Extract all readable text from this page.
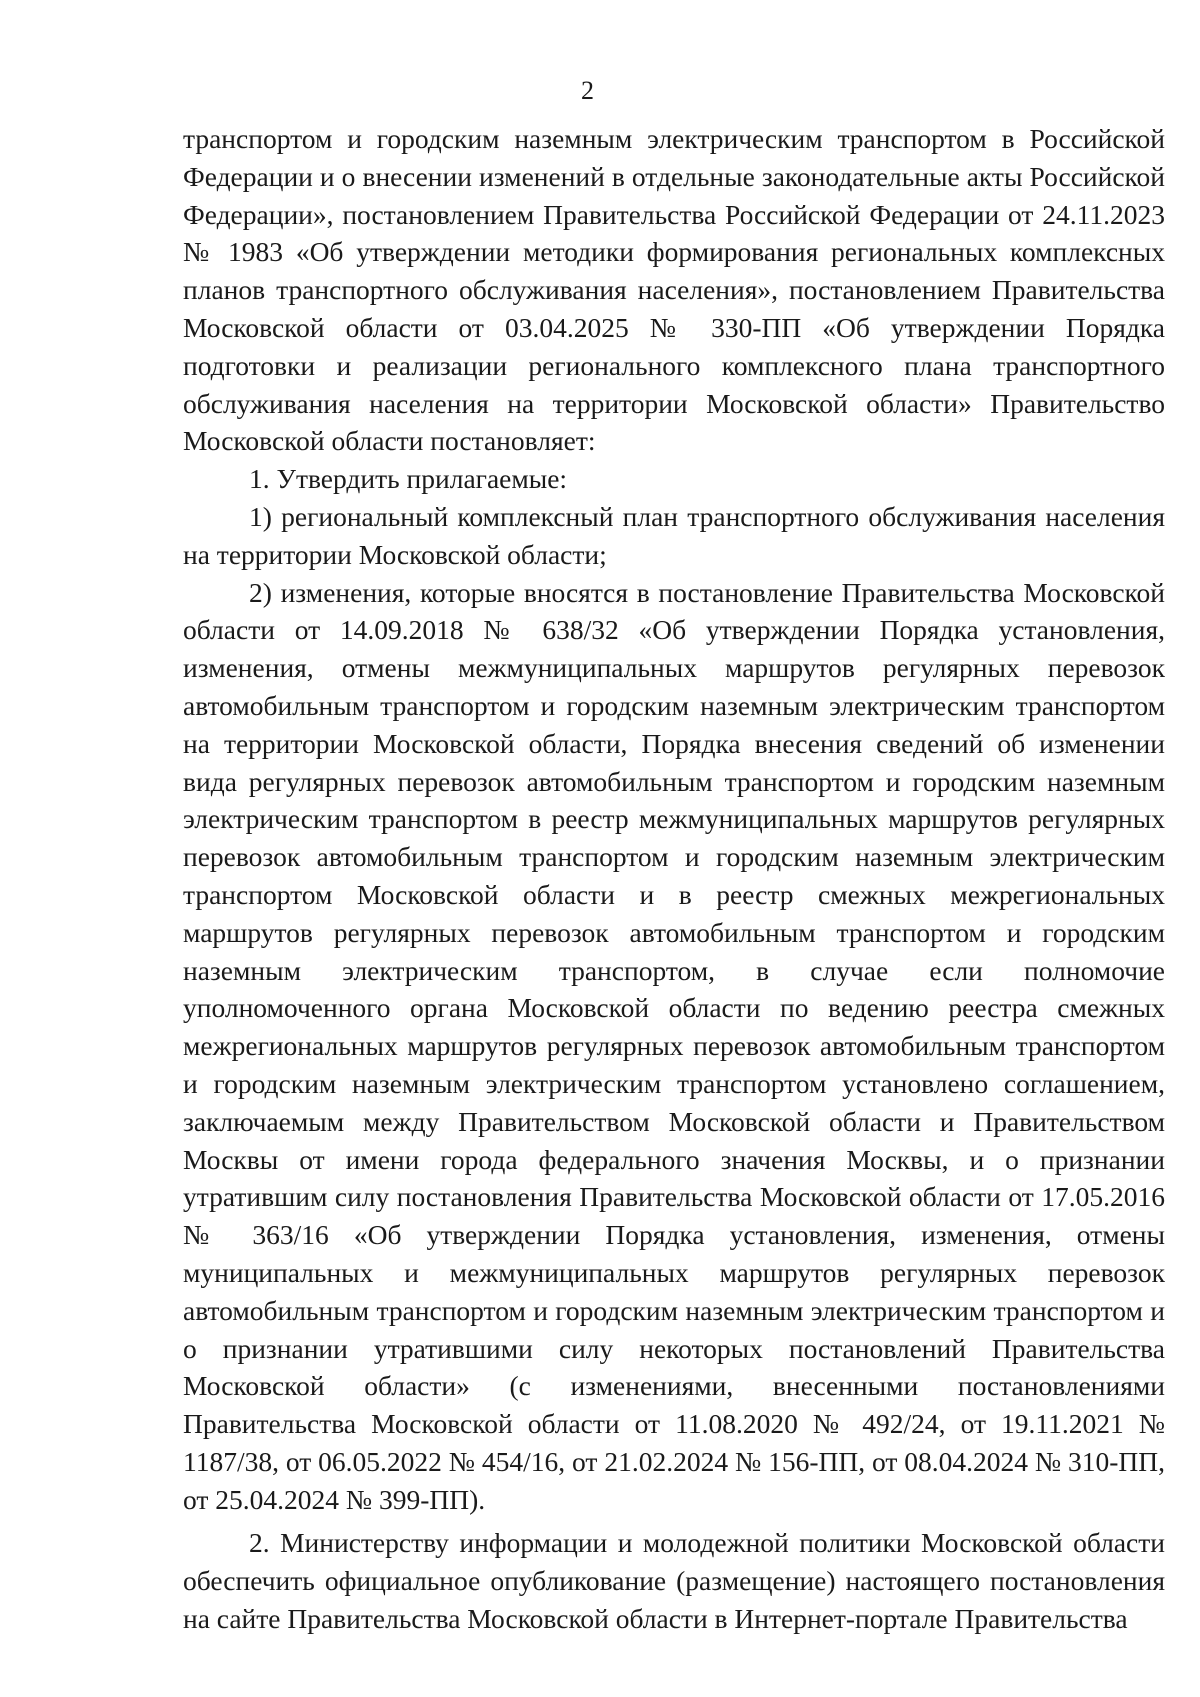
2

транспортом и городским наземным электрическим транспортом в Российской Федерации и о внесении изменений в отдельные законодательные акты Российской Федерации», постановлением Правительства Российской Федерации от 24.11.2023 № 1983 «Об утверждении методики формирования региональных комплексных планов транспортного обслуживания населения», постановлением Правительства Московской области от 03.04.2025 № 330-ПП «Об утверждении Порядка подготовки и реализации регионального комплексного плана транспортного обслуживания населения на территории Московской области» Правительство Московской области постановляет:

1. Утвердить прилагаемые:

1) региональный комплексный план транспортного обслуживания населения на территории Московской области;

2) изменения, которые вносятся в постановление Правительства Московской области от 14.09.2018 № 638/32 «Об утверждении Порядка установления, изменения, отмены межмуниципальных маршрутов регулярных перевозок автомобильным транспортом и городским наземным электрическим транспортом на территории Московской области, Порядка внесения сведений об изменении вида регулярных перевозок автомобильным транспортом и городским наземным электрическим транспортом в реестр межмуниципальных маршрутов регулярных перевозок автомобильным транспортом и городским наземным электрическим транспортом Московской области и в реестр смежных межрегиональных маршрутов регулярных перевозок автомобильным транспортом и городским наземным электрическим транспортом, в случае если полномочие уполномоченного органа Московской области по ведению реестра смежных межрегиональных маршрутов регулярных перевозок автомобильным транспортом и городским наземным электрическим транспортом установлено соглашением, заключаемым между Правительством Московской области и Правительством Москвы от имени города федерального значения Москвы, и о признании утратившим силу постановления Правительства Московской области от 17.05.2016 № 363/16 «Об утверждении Порядка установления, изменения, отмены муниципальных и межмуниципальных маршрутов регулярных перевозок автомобильным транспортом и городским наземным электрическим транспортом и о признании утратившими силу некоторых постановлений Правительства Московской области» (с изменениями, внесенными постановлениями Правительства Московской области от 11.08.2020 № 492/24, от 19.11.2021 № 1187/38, от 06.05.2022 № 454/16, от 21.02.2024 № 156-ПП, от 08.04.2024 № 310-ПП, от 25.04.2024 № 399-ПП).

2. Министерству информации и молодежной политики Московской области обеспечить официальное опубликование (размещение) настоящего постановления на сайте Правительства Московской области в Интернет-портале Правительства
